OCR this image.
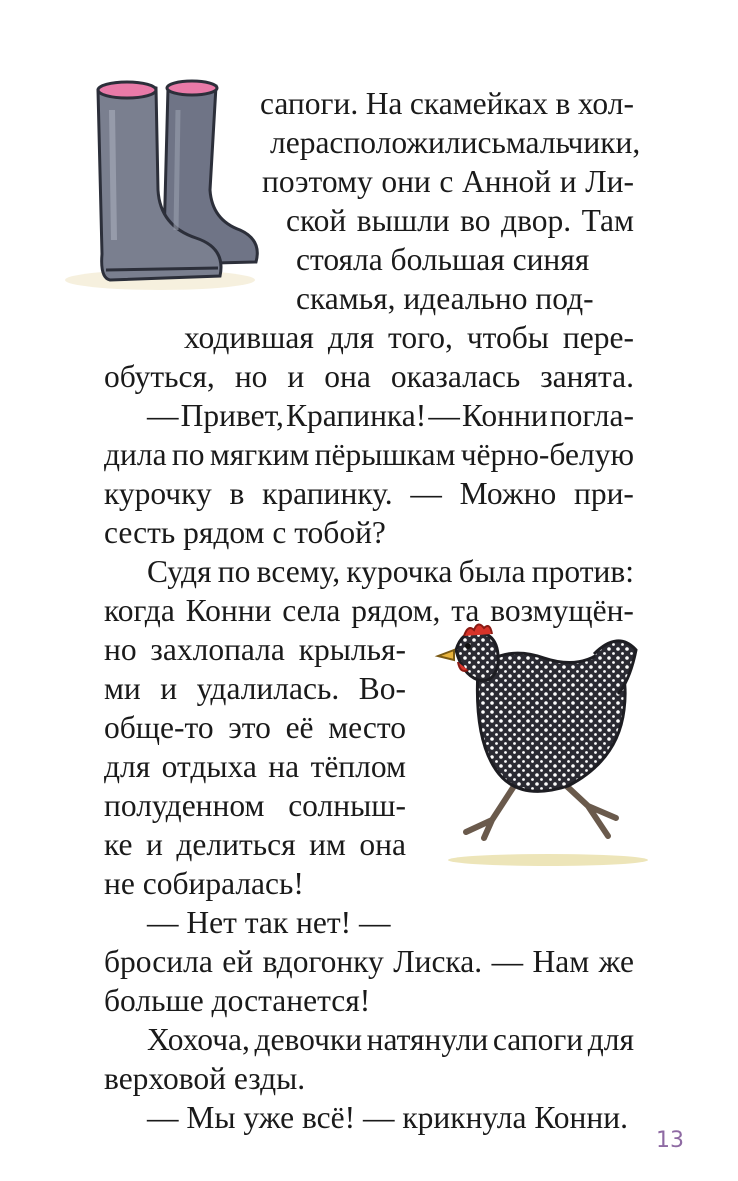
сапоги. На скамейках в хол-
ле расположились мальчики,
поэтому они с Анной и Ли-
ской вышли во двор. Там
стояла большая синяя
скамья, идеально под-
ходившая для того, чтобы пере-
обуться, но и она оказалась занята.
— Привет, Крапинка! — Конни погла-
дила по мягким пёрышкам чёрно-белую
курочку в крапинку. — Можно при-
сесть рядом с тобой?
Судя по всему, курочка была против:
когда Конни села рядом, та возмущён-
но захлопала крылья-
ми и удалилась. Во-
обще-то это её место
для отдыха на тёплом
полуденном солныш-
ке и делиться им она
не собиралась!
— Нет так нет! —
бросила ей вдогонку Лиска. — Нам же
больше достанется!
Хохоча, девочки натянули сапоги для
верховой езды.
— Мы уже всё! — крикнула Конни.
13
